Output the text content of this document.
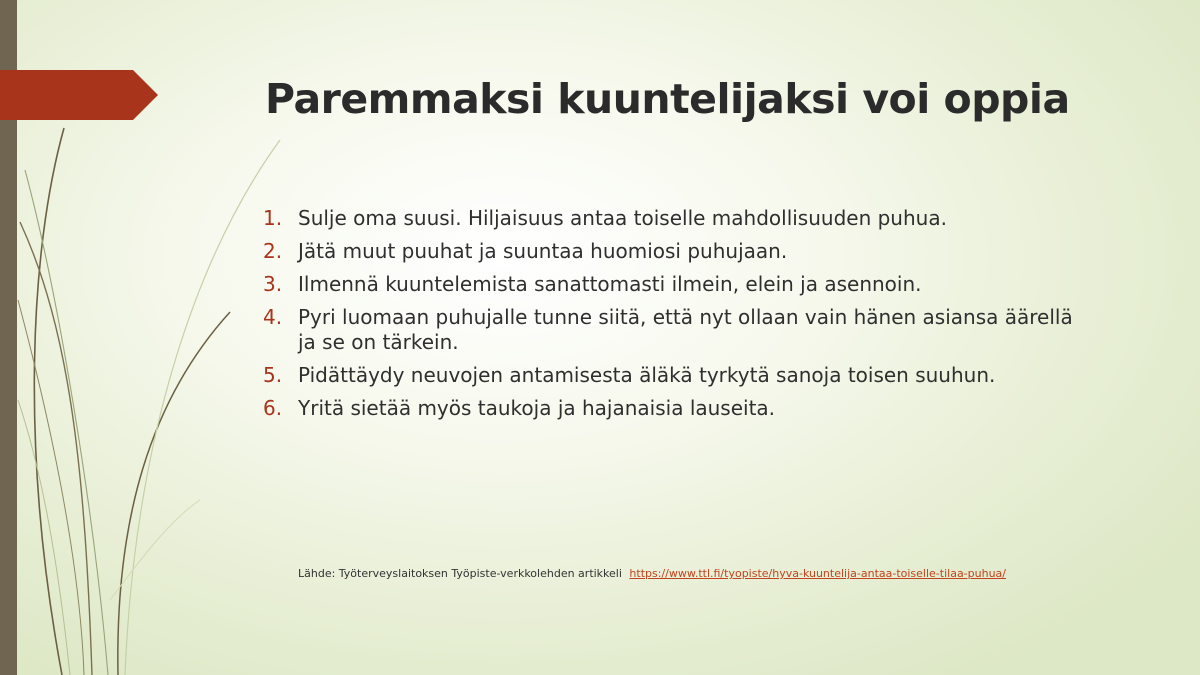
Paremmaksi kuuntelijaksi voi oppia
1. Sulje oma suusi. Hiljaisuus antaa toiselle mahdollisuuden puhua.
2. Jätä muut puuhat ja suuntaa huomiosi puhujaan.
3. Ilmennä kuuntelemista sanattomasti ilmein, elein ja asennoin.
4. Pyri luomaan puhujalle tunne siitä, että nyt ollaan vain hänen asiansa äärellä ja se on tärkein.
5. Pidättäydy neuvojen antamisesta äläkä tyrkytä sanoja toisen suuhun.
6. Yritä sietää myös taukoja ja hajanaisia lauseita.
Lähde: Työterveyslaitoksen Työpiste-verkkolehden artikkeli https://www.ttl.fi/tyopiste/hyva-kuuntelija-antaa-toiselle-tilaa-puhua/
